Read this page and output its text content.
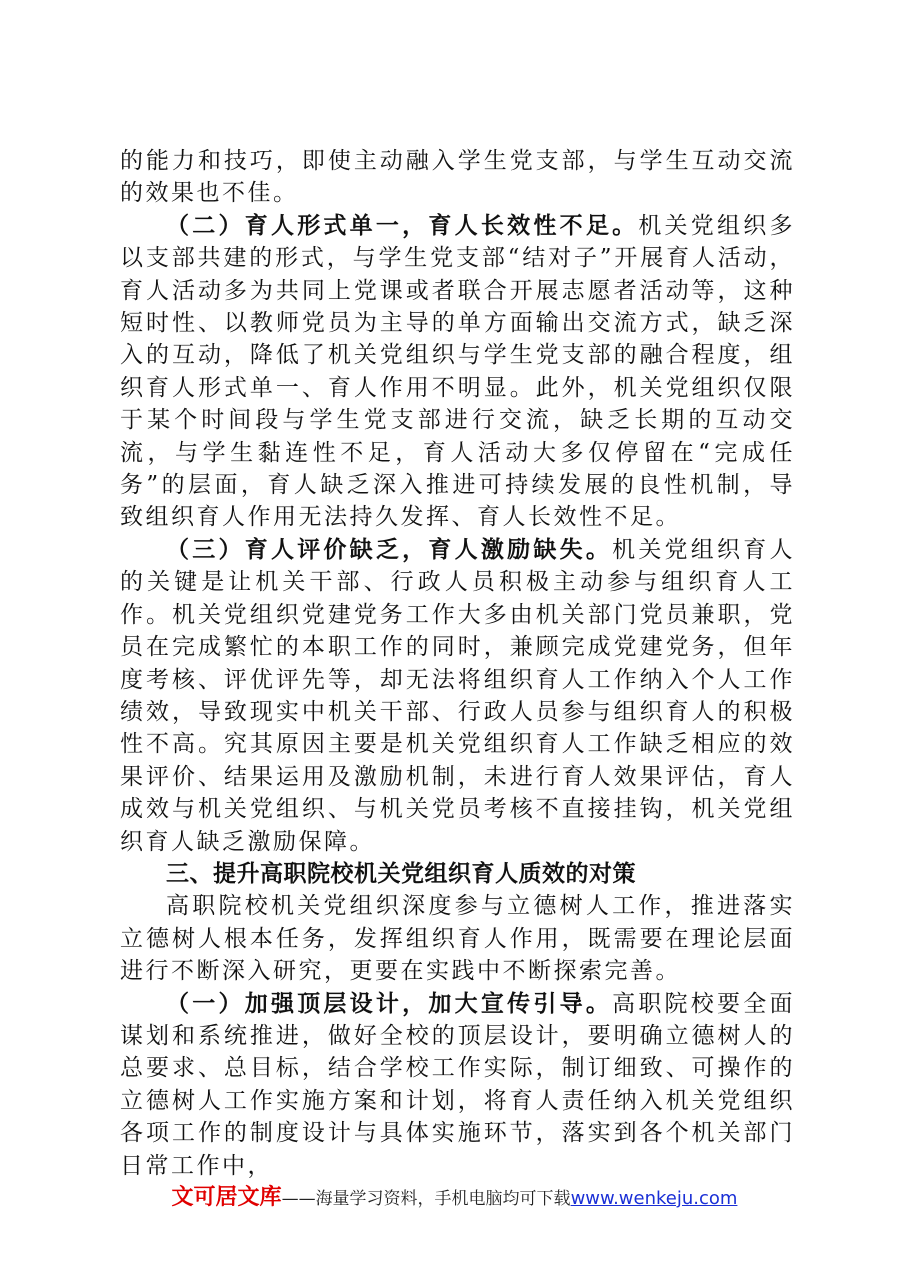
的能力和技巧，即使主动融入学生党支部，与学生互动交流的效果也不佳。

（二）育人形式单一，育人长效性不足。机关党组织多以支部共建的形式，与学生党支部“结对子”开展育人活动，育人活动多为共同上党课或者联合开展志愿者活动等，这种短时性、以教师党员为主导的单方面输出交流方式，缺乏深入的互动，降低了机关党组织与学生党支部的融合程度，组织育人形式单一、育人作用不明显。此外，机关党组织仅限于某个时间段与学生党支部进行交流，缺乏长期的互动交流，与学生黏连性不足，育人活动大多仅停留在“完成任务”的层面，育人缺乏深入推进可持续发展的良性机制，导致组织育人作用无法持久发挥、育人长效性不足。

（三）育人评价缺乏，育人激励缺失。机关党组织育人的关键是让机关干部、行政人员积极主动参与组织育人工作。机关党组织党建党务工作大多由机关部门党员兼职，党员在完成繁忙的本职工作的同时，兼顾完成党建党务，但年度考核、评优评先等，却无法将组织育人工作纳入个人工作绩效，导致现实中机关干部、行政人员参与组织育人的积极性不高。究其原因主要是机关党组织育人工作缺乏相应的效果评价、结果运用及激励机制，未进行育人效果评估，育人成效与机关党组织、与机关党员考核不直接挂钩，机关党组织育人缺乏激励保障。

三、提升高职院校机关党组织育人质效的对策

高职院校机关党组织深度参与立德树人工作，推进落实立德树人根本任务，发挥组织育人作用，既需要在理论层面进行不断深入研究，更要在实践中不断探索完善。

（一）加强顶层设计，加大宣传引导。高职院校要全面谋划和系统推进，做好全校的顶层设计，要明确立德树人的总要求、总目标，结合学校工作实际，制订细致、可操作的立德树人工作实施方案和计划，将育人责任纳入机关党组织各项工作的制度设计与具体实施环节，落实到各个机关部门日常工作中，

文可居文库——海量学习资料，手机电脑均可下载www.wenkeju.com
